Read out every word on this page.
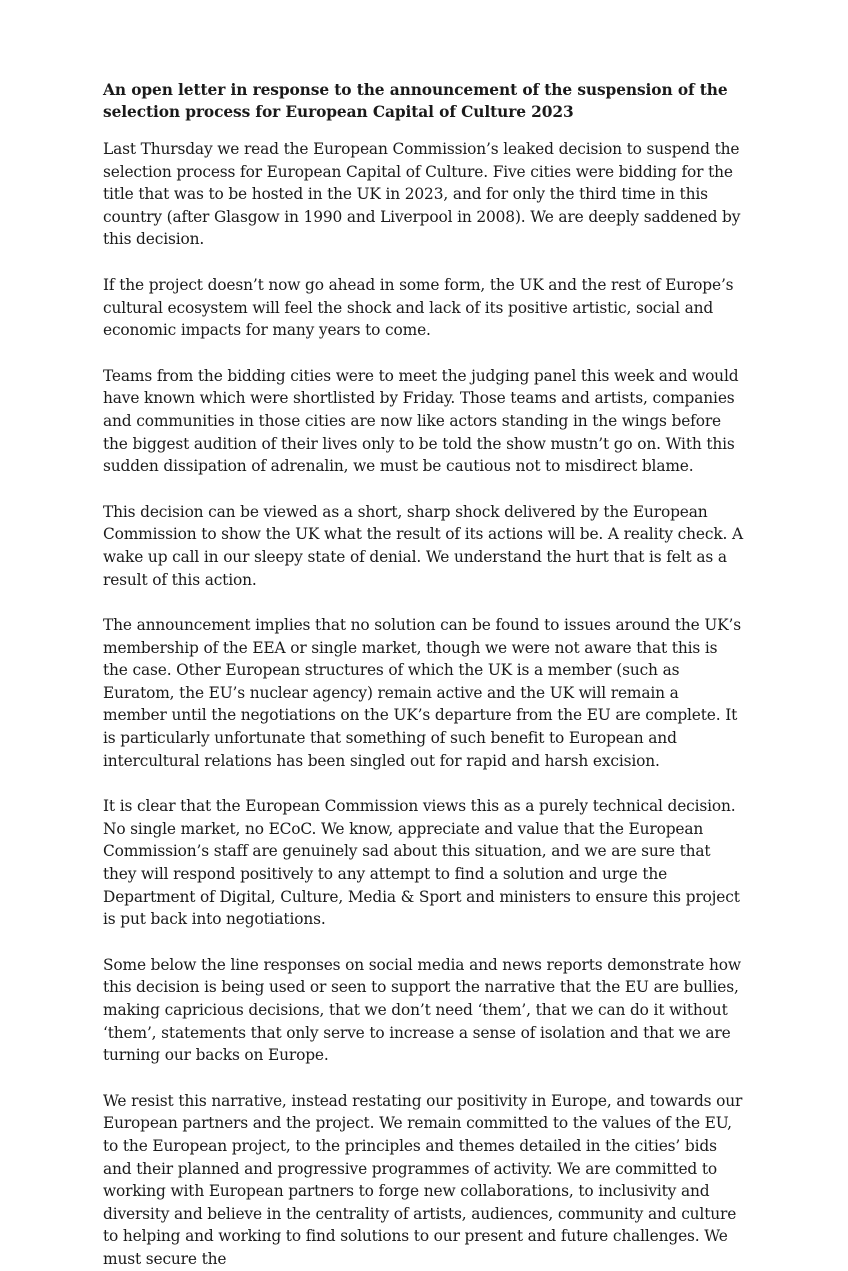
An open letter in response to the announcement of the suspension of the selection process for European Capital of Culture 2023

Last Thursday we read the European Commission’s leaked decision to suspend the selection process for European Capital of Culture. Five cities were bidding for the title that was to be hosted in the UK in 2023, and for only the third time in this country (after Glasgow in 1990 and Liverpool in 2008). We are deeply saddened by this decision.

If the project doesn’t now go ahead in some form, the UK and the rest of Europe’s cultural ecosystem will feel the shock and lack of its positive artistic, social and economic impacts for many years to come.

Teams from the bidding cities were to meet the judging panel this week and would have known which were shortlisted by Friday. Those teams and artists, companies and communities in those cities are now like actors standing in the wings before the biggest audition of their lives only to be told the show mustn’t go on. With this sudden dissipation of adrenalin, we must be cautious not to misdirect blame.

This decision can be viewed as a short, sharp shock delivered by the European Commission to show the UK what the result of its actions will be. A reality check. A wake up call in our sleepy state of denial. We understand the hurt that is felt as a result of this action.

The announcement implies that no solution can be found to issues around the UK’s membership of the EEA or single market, though we were not aware that this is the case. Other European structures of which the UK is a member (such as Euratom, the EU’s nuclear agency) remain active and the UK will remain a member until the negotiations on the UK’s departure from the EU are complete. It is particularly unfortunate that something of such benefit to European and intercultural relations has been singled out for rapid and harsh excision.

It is clear that the European Commission views this as a purely technical decision. No single market, no ECoC. We know, appreciate and value that the European Commission’s staff are genuinely sad about this situation, and we are sure that they will respond positively to any attempt to find a solution and urge the Department of Digital, Culture, Media & Sport and ministers to ensure this project is put back into negotiations.

Some below the line responses on social media and news reports demonstrate how this decision is being used or seen to support the narrative that the EU are bullies, making capricious decisions, that we don’t need ‘them’, that we can do it without ‘them’, statements that only serve to increase a sense of isolation and that we are turning our backs on Europe.

We resist this narrative, instead restating our positivity in Europe, and towards our European partners and the project. We remain committed to the values of the EU, to the European project, to the principles and themes detailed in the cities’ bids and their planned and progressive programmes of activity. We are committed to working with European partners to forge new collaborations, to inclusivity and diversity and believe in the centrality of artists, audiences, community and culture to helping and working to find solutions to our present and future challenges. We must secure the
